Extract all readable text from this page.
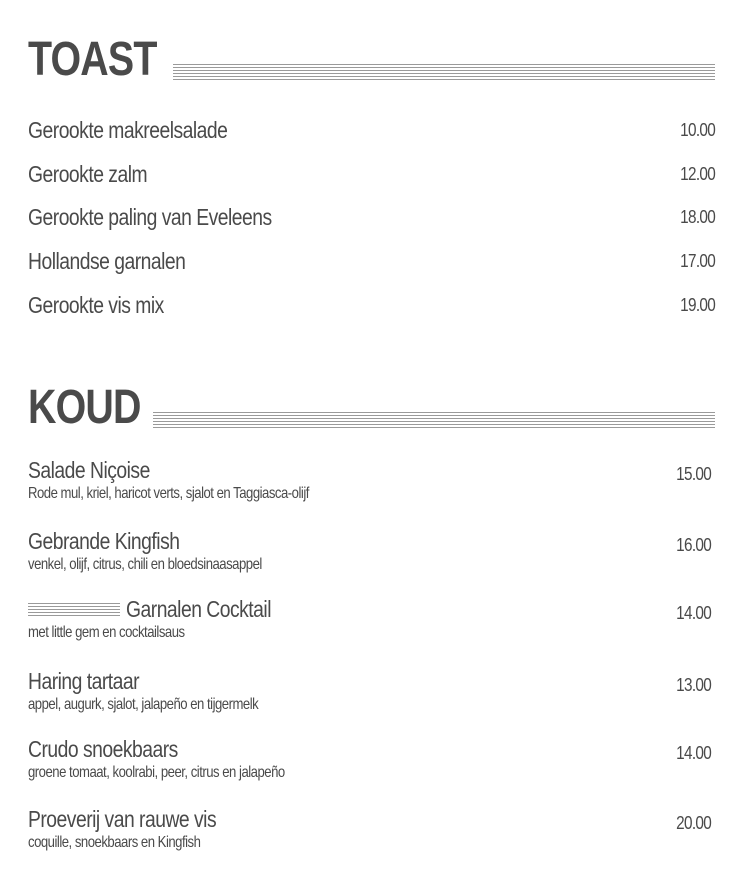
TOAST
Gerookte makreelsalade	10.00
Gerookte zalm	12.00
Gerookte paling van Eveleens	18.00
Hollandse garnalen	17.00
Gerookte vis mix	19.00
KOUD
Salade Niçoise	15.00
Rode mul, kriel, haricot verts, sjalot en Taggiasca-olijf
Gebrande Kingfish	16.00
venkel, olijf, citrus, chili en bloedsinaasappel
Garnalen Cocktail	14.00
met little gem en cocktailsaus
Haring tartaar	13.00
appel, augurk, sjalot, jalapeño en tijgermelk
Crudo snoekbaars	14.00
groene tomaat, koolrabi, peer, citrus en jalapeño
Proeverij van rauwe vis	20.00
coquille, snoekbaars en Kingfish
